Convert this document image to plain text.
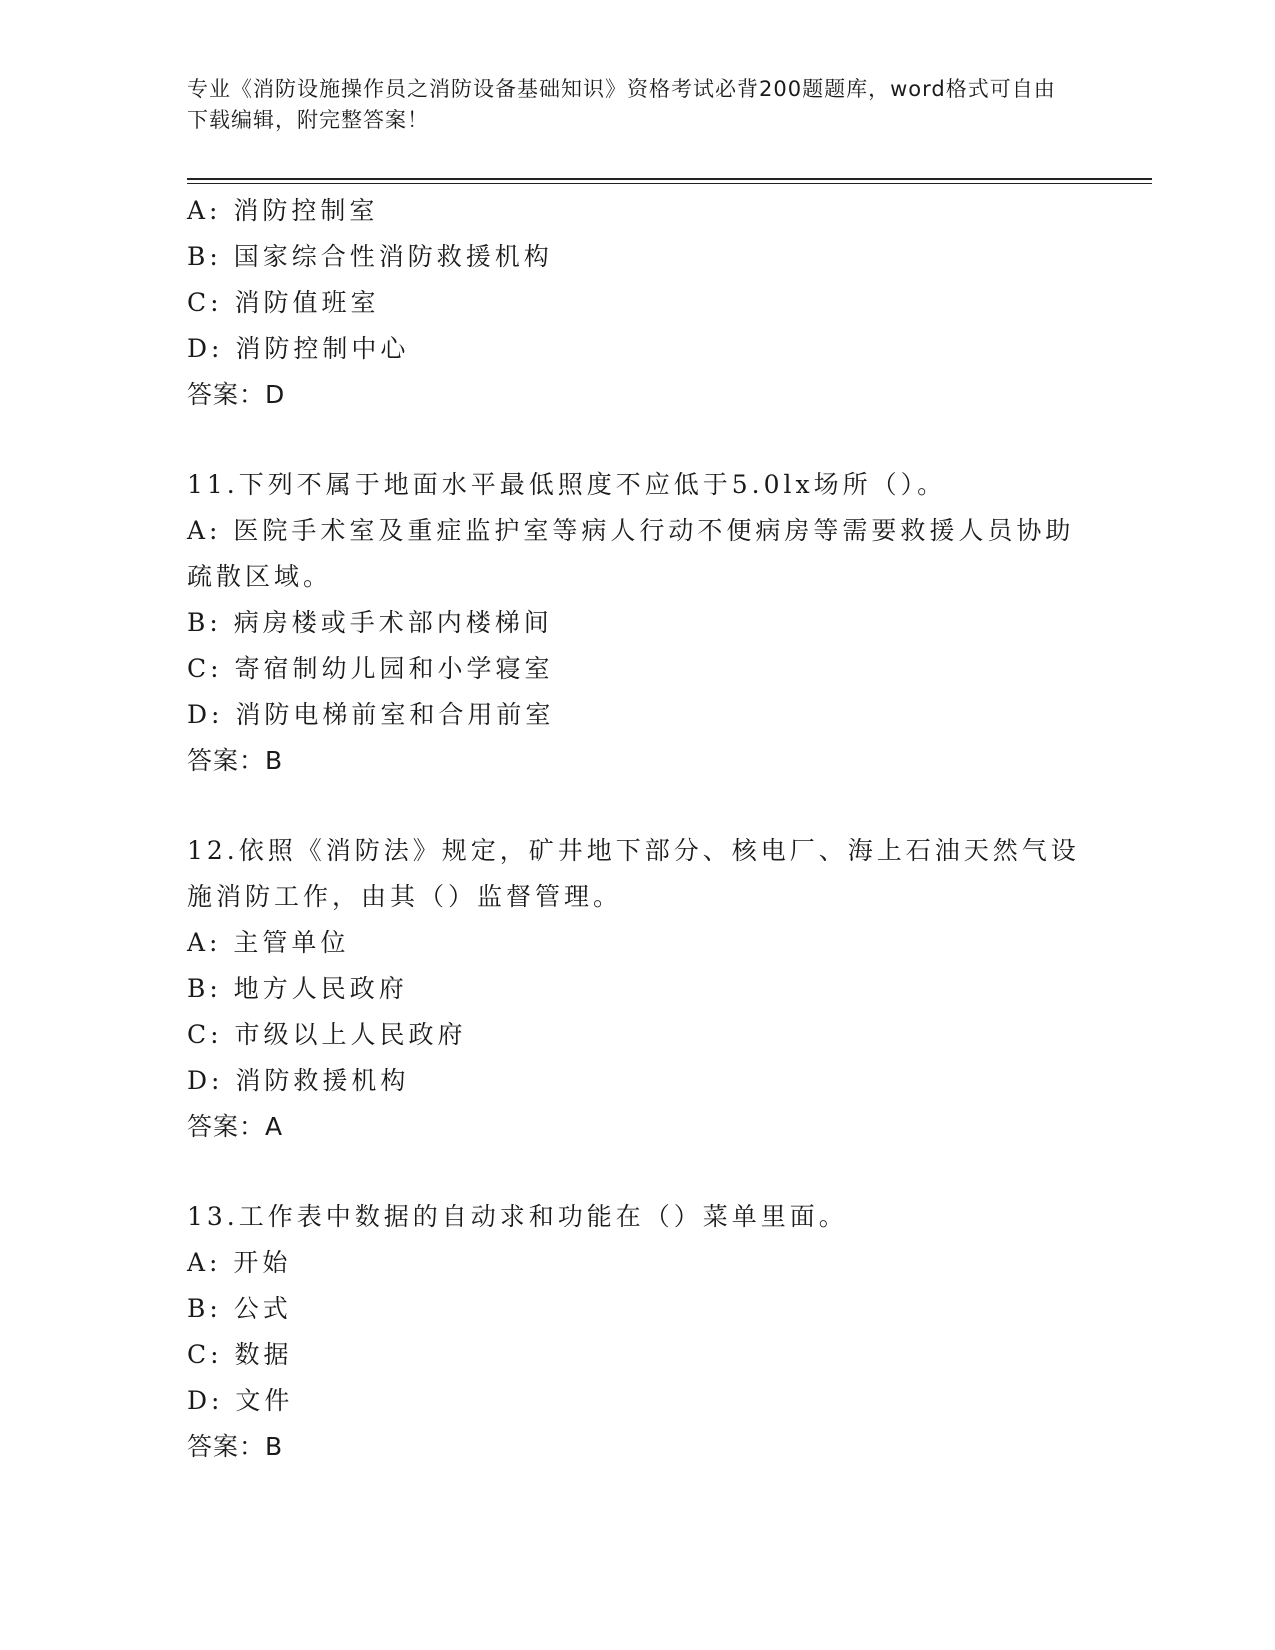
专业《消防设施操作员之消防设备基础知识》资格考试必背200题题库，word格式可自由下载编辑，附完整答案！
A: 消防控制室
B: 国家综合性消防救援机构
C: 消防值班室
D: 消防控制中心
答案：D
11.下列不属于地面水平最低照度不应低于5.0lx场所（）。
A: 医院手术室及重症监护室等病人行动不便病房等需要救援人员协助
疏散区域。
B: 病房楼或手术部内楼梯间
C: 寄宿制幼儿园和小学寝室
D: 消防电梯前室和合用前室
答案：B
12.依照《消防法》规定，矿井地下部分、核电厂、海上石油天然气设
施消防工作，由其（）监督管理。
A: 主管单位
B: 地方人民政府
C: 市级以上人民政府
D: 消防救援机构
答案：A
13.工作表中数据的自动求和功能在（）菜单里面。
A: 开始
B: 公式
C: 数据
D: 文件
答案：B
